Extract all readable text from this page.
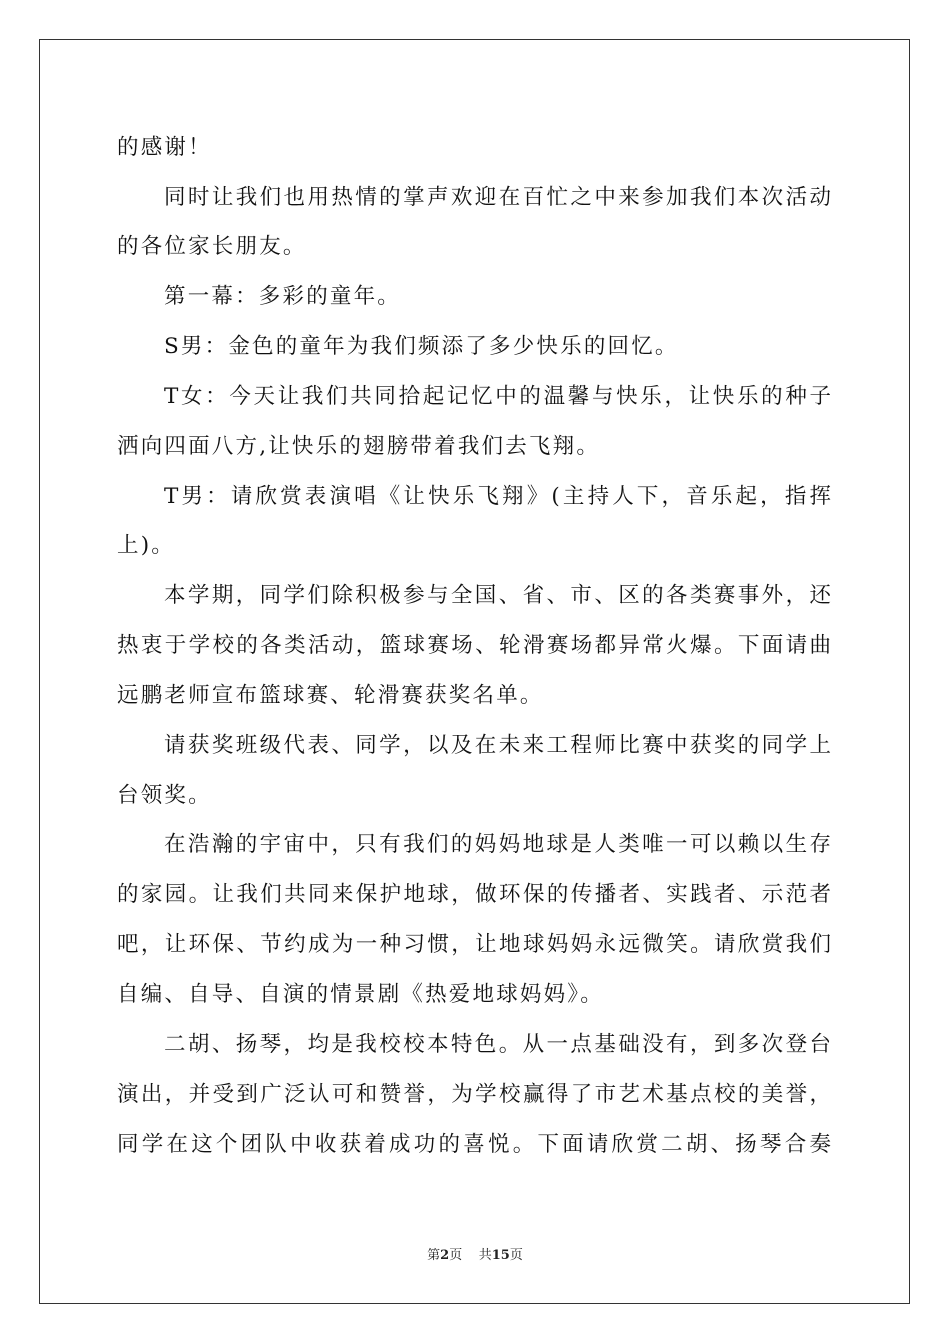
的感谢！
同时让我们也用热情的掌声欢迎在百忙之中来参加我们本次活动
的各位家长朋友。
第一幕：多彩的童年。
S男：金色的童年为我们频添了多少快乐的回忆。
T女：今天让我们共同拾起记忆中的温馨与快乐，让快乐的种子
洒向四面八方,让快乐的翅膀带着我们去飞翔。
T男：请欣赏表演唱《让快乐飞翔》(主持人下，音乐起，指挥
上)。
本学期，同学们除积极参与全国、省、市、区的各类赛事外，还
热衷于学校的各类活动，篮球赛场、轮滑赛场都异常火爆。下面请曲
远鹏老师宣布篮球赛、轮滑赛获奖名单。
请获奖班级代表、同学，以及在未来工程师比赛中获奖的同学上
台领奖。
在浩瀚的宇宙中，只有我们的妈妈地球是人类唯一可以赖以生存
的家园。让我们共同来保护地球，做环保的传播者、实践者、示范者
吧，让环保、节约成为一种习惯，让地球妈妈永远微笑。请欣赏我们
自编、自导、自演的情景剧《热爱地球妈妈》。
二胡、扬琴，均是我校校本特色。从一点基础没有，到多次登台
演出，并受到广泛认可和赞誉，为学校赢得了市艺术基点校的美誉，
同学在这个团队中收获着成功的喜悦。下面请欣赏二胡、扬琴合奏
第2页 共15页
